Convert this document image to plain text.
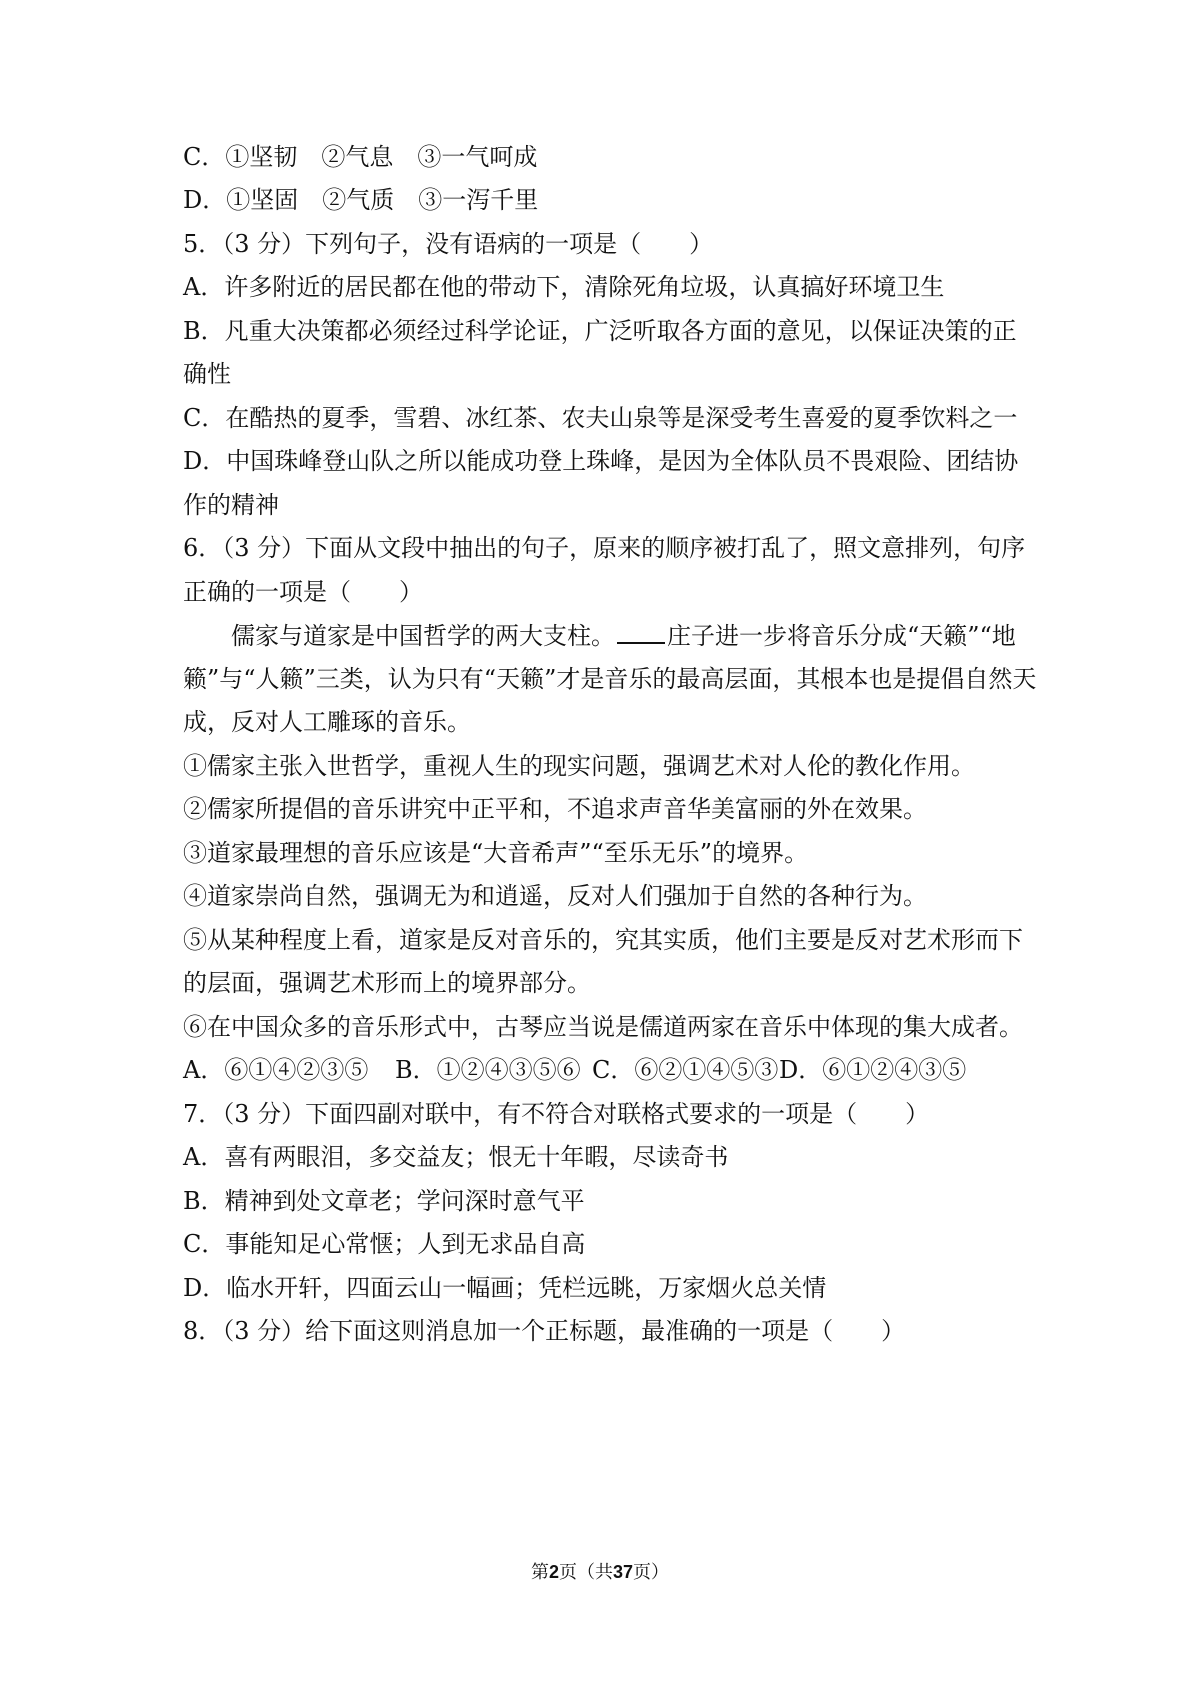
C．①坚韧　②气息　③一气呵成
D．①坚固　②气质　③一泻千里
5．（3 分）下列句子，没有语病的一项是（　　）
A．许多附近的居民都在他的带动下，清除死角垃圾，认真搞好环境卫生
B．凡重大决策都必须经过科学论证，广泛听取各方面的意见，以保证决策的正
确性
C．在酷热的夏季，雪碧、冰红茶、农夫山泉等是深受考生喜爱的夏季饮料之一
D．中国珠峰登山队之所以能成功登上珠峰，是因为全体队员不畏艰险、团结协
作的精神
6．（3 分）下面从文段中抽出的句子，原来的顺序被打乱了，照文意排列，句序
正确的一项是（　　）
儒家与道家是中国哲学的两大支柱。 庄子进一步将音乐分成“天籁”“地
籁”与“人籁”三类，认为只有“天籁”才是音乐的最高层面，其根本也是提倡自然天
成，反对人工雕琢的音乐。
①儒家主张入世哲学，重视人生的现实问题，强调艺术对人伦的教化作用。
②儒家所提倡的音乐讲究中正平和，不追求声音华美富丽的外在效果。
③道家最理想的音乐应该是“大音希声”“至乐无乐”的境界。
④道家崇尚自然，强调无为和逍遥，反对人们强加于自然的各种行为。
⑤从某种程度上看，道家是反对音乐的，究其实质，他们主要是反对艺术形而下
的层面，强调艺术形而上的境界部分。
⑥在中国众多的音乐形式中，古琴应当说是儒道两家在音乐中体现的集大成者。
A．⑥①④②③⑤ B．①②④③⑤⑥ C．⑥②①④⑤③D．⑥①②④③⑤
7．（3 分）下面四副对联中，有不符合对联格式要求的一项是（　　）
A．喜有两眼泪，多交益友；恨无十年暇，尽读奇书
B．精神到处文章老；学问深时意气平
C．事能知足心常惬；人到无求品自高
D．临水开轩，四面云山一幅画；凭栏远眺，万家烟火总关情
8．（3 分）给下面这则消息加一个正标题，最准确的一项是（　　）
第2页（共37页）
